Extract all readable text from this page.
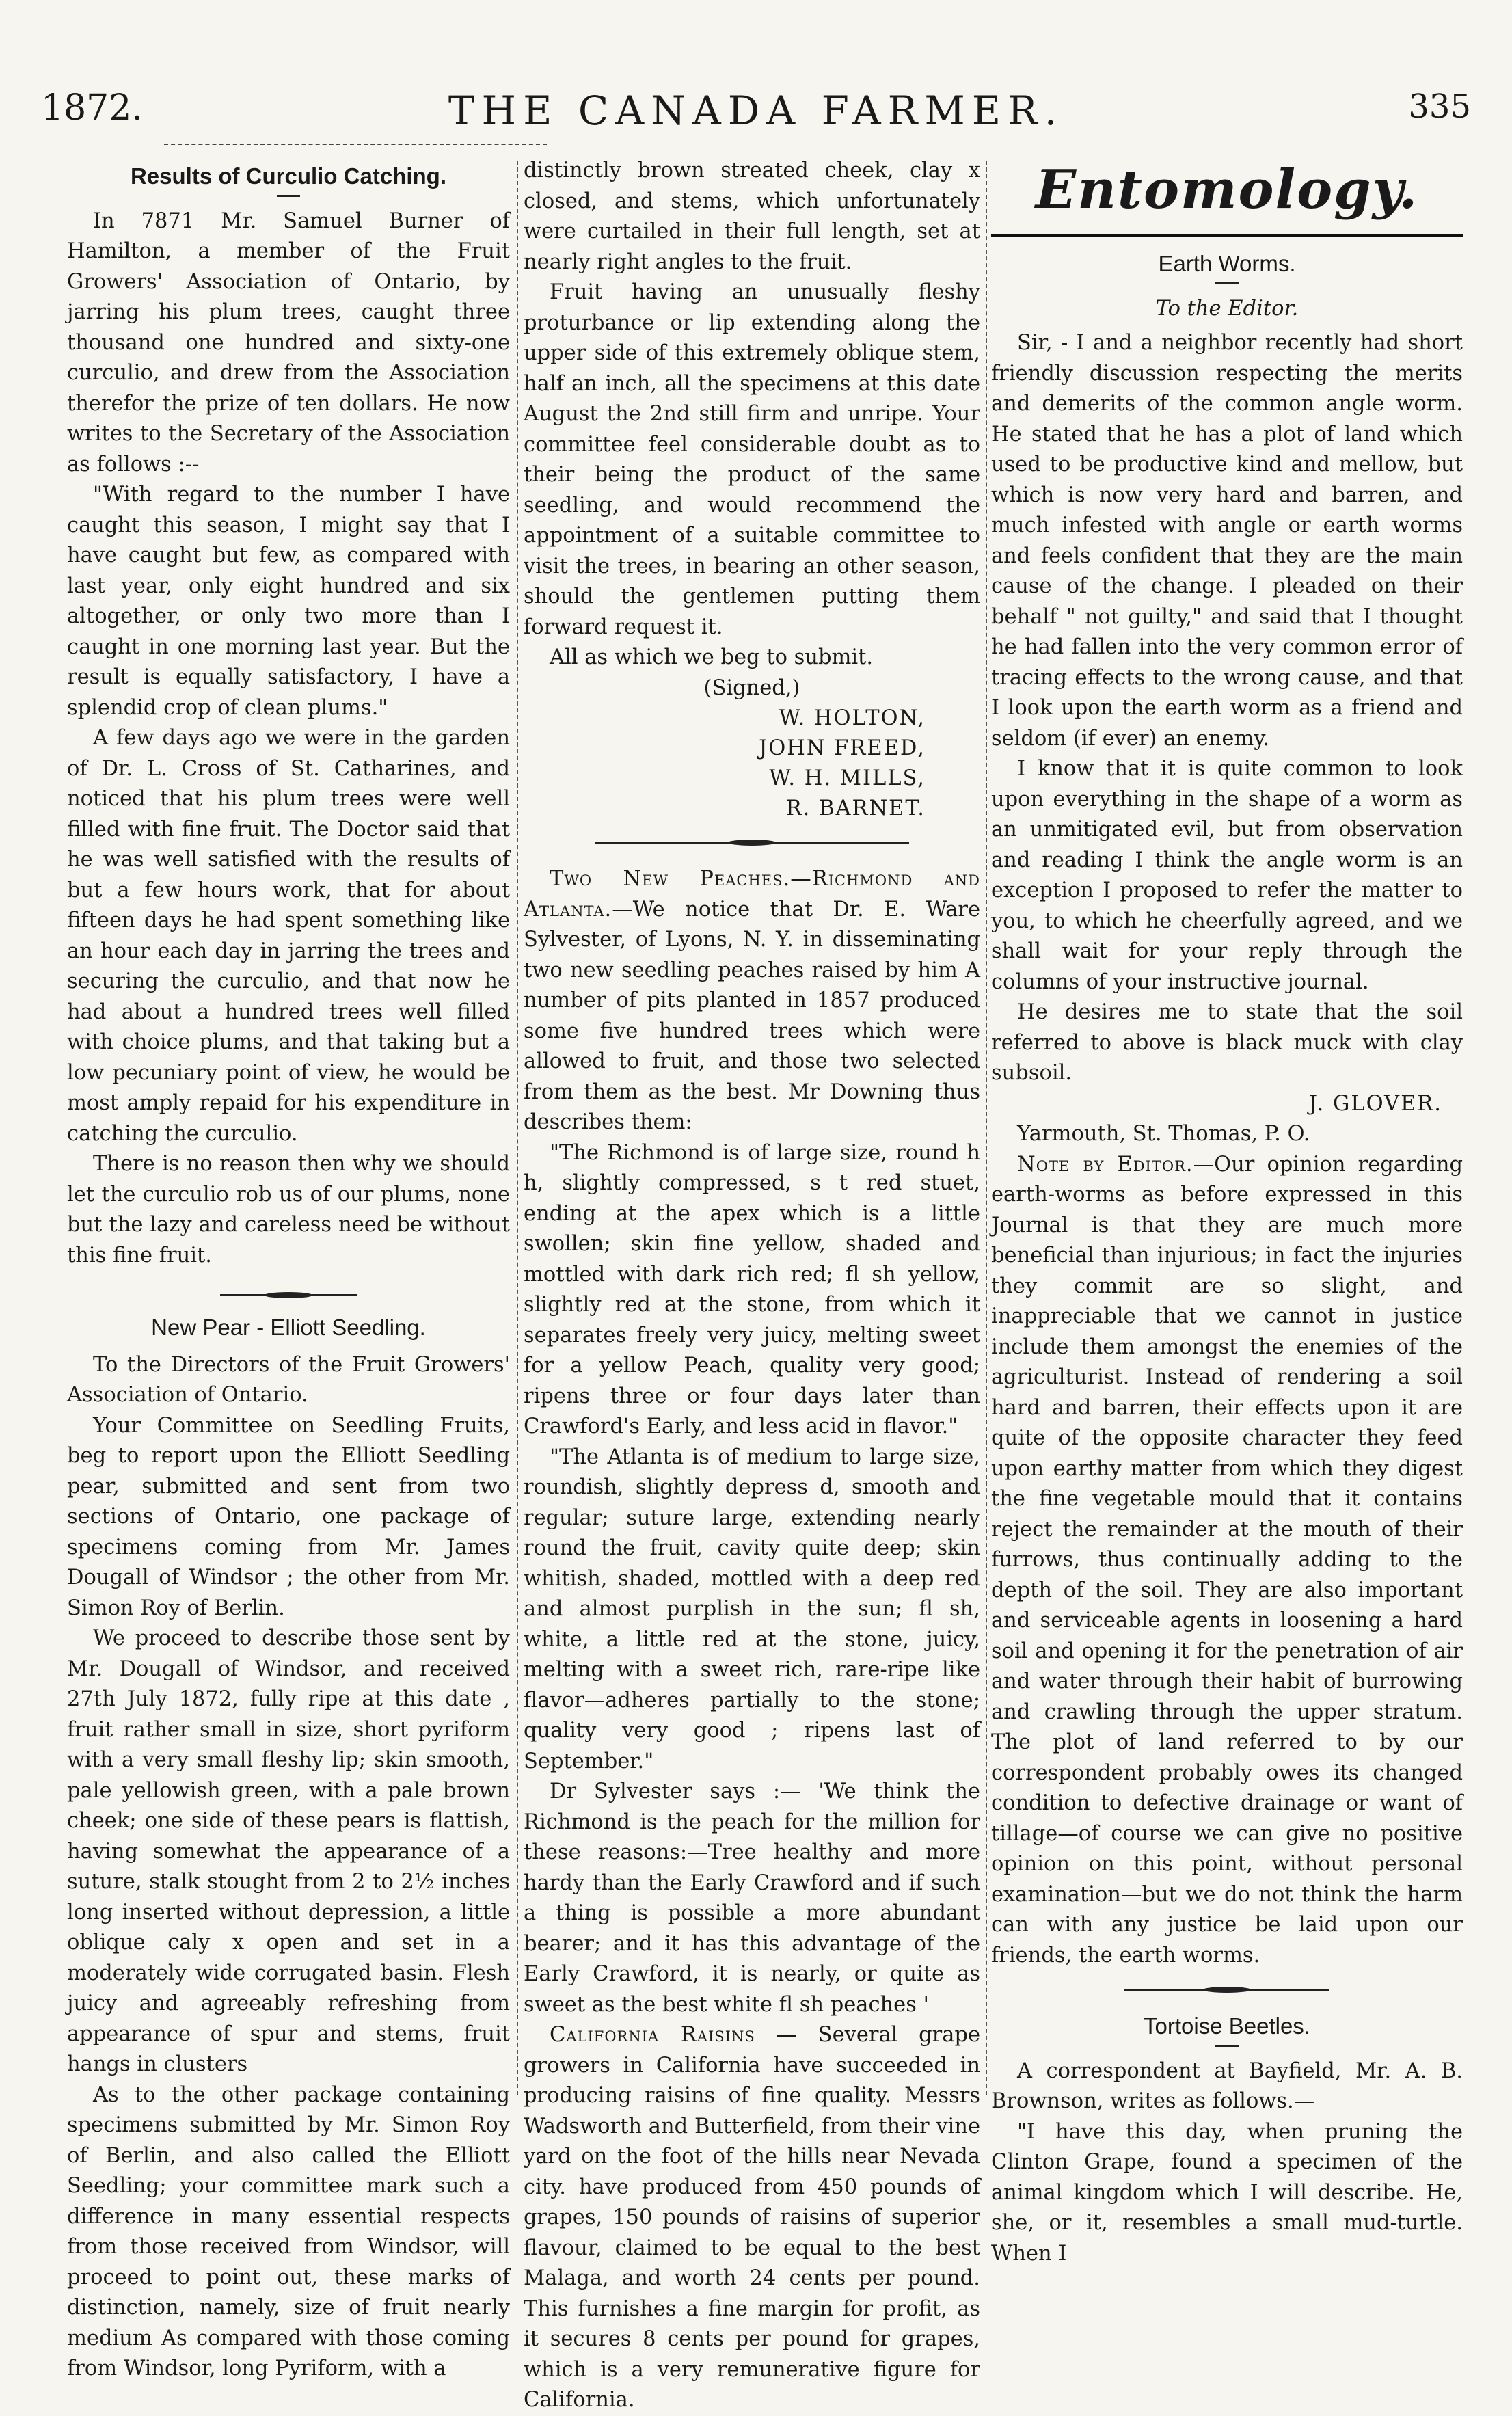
1872.	THE CANADA FARMER.	335
Results of Curculio Catching.

In 7871 Mr. Samuel Burner of Hamilton, a member of the Fruit Growers' Association of Ontario, by jarring his plum trees, caught three thousand one hundred and sixty-one curculio, and drew from the Association therefor the prize of ten dollars. He now writes to the Secretary of the Association as follows :--

"With regard to the number I have caught this season, I might say that I have caught but few, as compared with last year, only eight hundred and six altogether, or only two more than I caught in one morning last year. But the result is equally satisfactory, I have a splendid crop of clean plums."

A few days ago we were in the garden of Dr. L. Cross of St. Catharines, and noticed that his plum trees were well filled with fine fruit. The Doctor said that he was well satisfied with the results of but a few hours work, that for about fifteen days he had spent something like an hour each day in jarring the trees and securing the curculio, and that now he had about a hundred trees well filled with choice plums, and that taking but a low pecuniary point of view, he would be most amply repaid for his expenditure in catching the curculio.

There is no reason then why we should let the curculio rob us of our plums, none but the lazy and careless need be without this fine fruit.

New Pear - Elliott Seedling.

To the Directors of the Fruit Growers' Association of Ontario.

Your Committee on Seedling Fruits, beg to report upon the Elliott Seedling pear, submitted and sent from two sections of Ontario, one package of specimens coming from Mr. James Dougall of Windsor ; the other from Mr. Simon Roy of Berlin.

We proceed to describe those sent by Mr. Dougall of Windsor, and received 27th July 1872, fully ripe at this date , fruit rather small in size, short pyriform with a very small fleshy lip; skin smooth, pale yellowish green, with a pale brown cheek; one side of these pears is flattish, having somewhat the appearance of a suture, stalk stought from 2 to 2½ inches long inserted without depression, a little oblique caly x open and set in a moderately wide corrugated basin. Flesh juicy and agreeably refreshing from appearance of spur and stems, fruit hangs in clusters

As to the other package containing specimens submitted by Mr. Simon Roy of Berlin, and also called the Elliott Seedling; your committee mark such a difference in many essential respects from those received from Windsor, will proceed to point out, these marks of distinction, namely, size of fruit nearly medium As compared with those coming from Windsor, long Pyriform, with a

distinctly brown streated cheek, clay x closed, and stems, which unfortunately were curtailed in their full length, set at nearly right angles to the fruit.

Fruit having an unusually fleshy proturbance or lip extending along the upper side of this extremely oblique stem, half an inch, all the specimens at this date August the 2nd still firm and unripe. Your committee feel considerable doubt as to their being the product of the same seedling, and would recommend the appointment of a suitable committee to visit the trees, in bearing an other season, should the gentlemen putting them forward request it.

All as which we beg to submit.

(Signed,)
W. HOLTON,
JOHN FREED,
W. H. MILLS,
R. BARNET.

Two New Peaches.—Richmond and Atlanta.—We notice that Dr. E. Ware Sylvester, of Lyons, N. Y. in disseminating two new seedling peaches raised by him A number of pits planted in 1857 produced some five hundred trees which were allowed to fruit, and those two selected from them as the best. Mr Downing thus describes them:

"The Richmond is of large size, round h h, slightly compressed, s t red stuet, ending at the apex which is a little swollen; skin fine yellow, shaded and mottled with dark rich red; fl sh yellow, slightly red at the stone, from which it separates freely very juicy, melting sweet for a yellow Peach, quality very good; ripens three or four days later than Crawford's Early, and less acid in flavor."

"The Atlanta is of medium to large size, roundish, slightly depress d, smooth and regular; suture large, extending nearly round the fruit, cavity quite deep; skin whitish, shaded, mottled with a deep red and almost purplish in the sun; fl sh, white, a little red at the stone, juicy, melting with a sweet rich, rare-ripe like flavor—adheres partially to the stone; quality very good ; ripens last of September."

Dr Sylvester says :— 'We think the Richmond is the peach for the million for these reasons:—Tree healthy and more hardy than the Early Crawford and if such a thing is possible a more abundant bearer; and it has this advantage of the Early Crawford, it is nearly, or quite as sweet as the best white fl sh peaches '

California Raisins — Several grape growers in California have succeeded in producing raisins of fine quality. Messrs Wadsworth and Butterfield, from their vine yard on the foot of the hills near Nevada city. have produced from 450 pounds of grapes, 150 pounds of raisins of superior flavour, claimed to be equal to the best Malaga, and worth 24 cents per pound. This furnishes a fine margin for profit, as it secures 8 cents per pound for grapes, which is a very remunerative figure for California.

Entomology.
Earth Worms.
To the Editor.

Sir, - I and a neighbor recently had short friendly discussion respecting the merits and demerits of the common angle worm. He stated that he has a plot of land which used to be productive kind and mellow, but which is now very hard and barren, and much infested with angle or earth worms and feels confident that they are the main cause of the change. I pleaded on their behalf " not guilty," and said that I thought he had fallen into the very common error of tracing effects to the wrong cause, and that I look upon the earth worm as a friend and seldom (if ever) an enemy.

I know that it is quite common to look upon everything in the shape of a worm as an unmitigated evil, but from observation and reading I think the angle worm is an exception I proposed to refer the matter to you, to which he cheerfully agreed, and we shall wait for your reply through the columns of your instructive journal.

He desires me to state that the soil referred to above is black muck with clay subsoil.

J. GLOVER.

Yarmouth, St. Thomas, P. O.

Note by Editor.—Our opinion regarding earth-worms as before expressed in this Journal is that they are much more beneficial than injurious; in fact the injuries they commit are so slight, and inappreciable that we cannot in justice include them amongst the enemies of the agriculturist. Instead of rendering a soil hard and barren, their effects upon it are quite of the opposite character they feed upon earthy matter from which they digest the fine vegetable mould that it contains reject the remainder at the mouth of their furrows, thus continually adding to the depth of the soil. They are also important and serviceable agents in loosening a hard soil and opening it for the penetration of air and water through their habit of burrowing and crawling through the upper stratum. The plot of land referred to by our correspondent probably owes its changed condition to defective drainage or want of tillage—of course we can give no positive opinion on this point, without personal examination—but we do not think the harm can with any justice be laid upon our friends, the earth worms.

Tortoise Beetles.

A correspondent at Bayfield, Mr. A. B. Brownson, writes as follows.—

"I have this day, when pruning the Clinton Grape, found a specimen of the animal kingdom which I will describe. He, she, or it, resembles a small mud-turtle. When I
